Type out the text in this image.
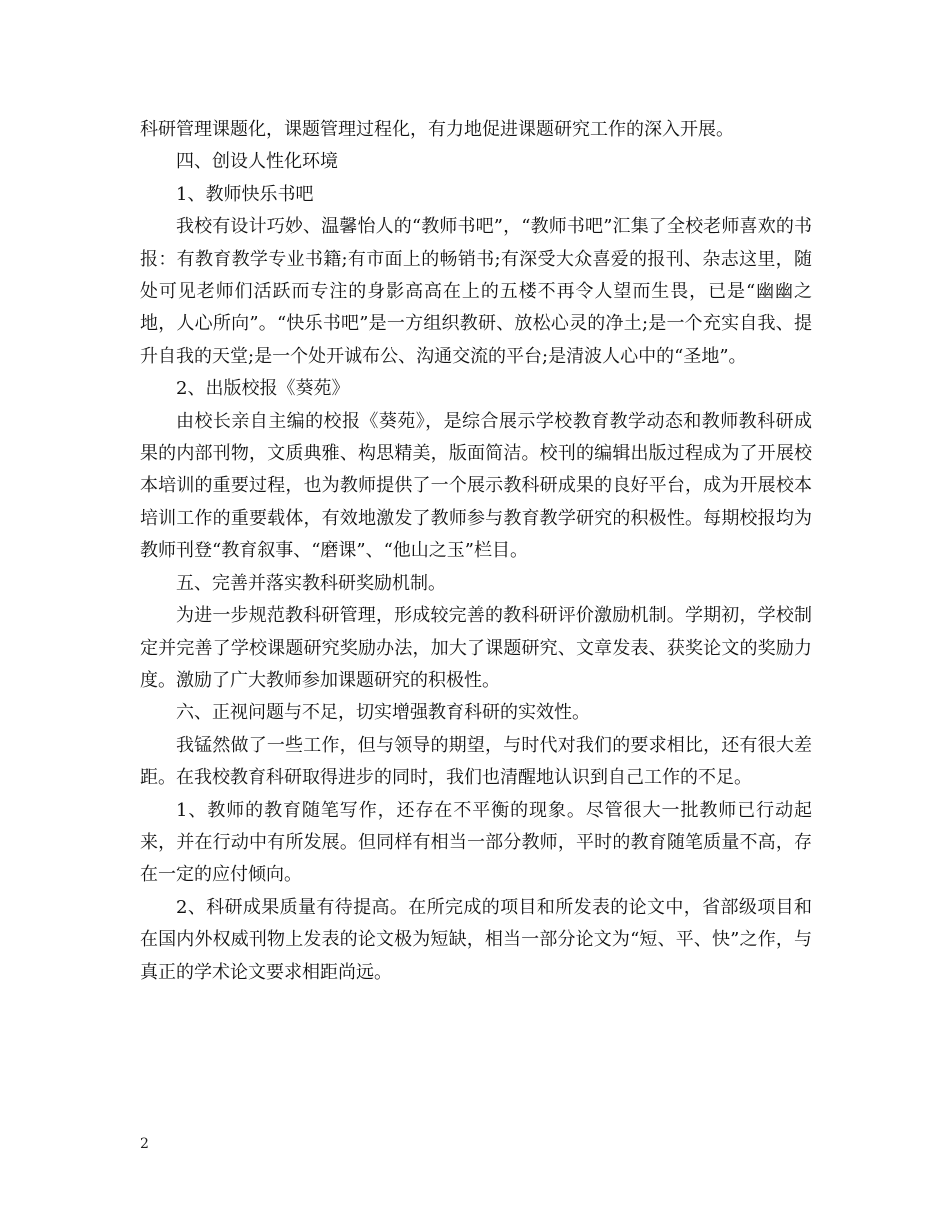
科研管理课题化，课题管理过程化，有力地促进课题研究工作的深入开展。

四、创设人性化环境

1、教师快乐书吧

我校有设计巧妙、温馨怡人的“教师书吧”，“教师书吧”汇集了全校老师喜欢的书报：有教育教学专业书籍;有市面上的畅销书;有深受大众喜爱的报刊、杂志这里，随处可见老师们活跃而专注的身影高高在上的五楼不再令人望而生畏，已是“幽幽之地，人心所向”。“快乐书吧”是一方组织教研、放松心灵的净土;是一个充实自我、提升自我的天堂;是一个处开诚布公、沟通交流的平台;是清波人心中的“圣地”。

2、出版校报《葵苑》

由校长亲自主编的校报《葵苑》，是综合展示学校教育教学动态和教师教科研成果的内部刊物，文质典雅、构思精美，版面简洁。校刊的编辑出版过程成为了开展校本培训的重要过程，也为教师提供了一个展示教科研成果的良好平台，成为开展校本培训工作的重要载体，有效地激发了教师参与教育教学研究的积极性。每期校报均为教师刊登“教育叙事、“磨课”、“他山之玉”栏目。

五、完善并落实教科研奖励机制。

为进一步规范教科研管理，形成较完善的教科研评价激励机制。学期初，学校制定并完善了学校课题研究奖励办法，加大了课题研究、文章发表、获奖论文的奖励力度。激励了广大教师参加课题研究的积极性。

六、正视问题与不足，切实增强教育科研的实效性。

我锰然做了一些工作，但与领导的期望，与时代对我们的要求相比，还有很大差距。在我校教育科研取得进步的同时，我们也清醒地认识到自己工作的不足。

1、教师的教育随笔写作，还存在不平衡的现象。尽管很大一批教师已行动起来，并在行动中有所发展。但同样有相当一部分教师，平时的教育随笔质量不高，存在一定的应付倾向。

2、科研成果质量有待提高。在所完成的项目和所发表的论文中，省部级项目和在国内外权威刊物上发表的论文极为短缺，相当一部分论文为“短、平、快”之作，与真正的学术论文要求相距尚远。

2
